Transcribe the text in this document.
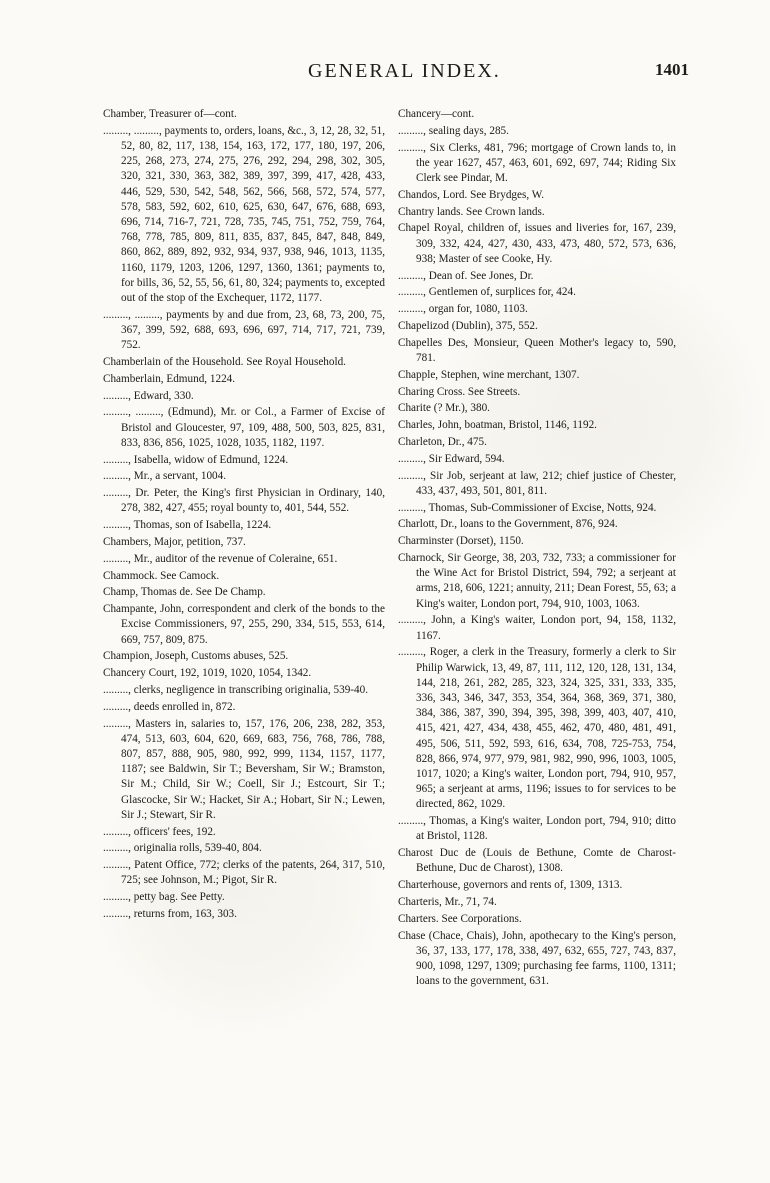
GENERAL INDEX.	1401

Chamber, Treasurer of—cont.

........., ........., payments to, orders, loans, &c., 3, 12, 28, 32, 51, 52, 80, 82, 117, 138, 154, 163, 172, 177, 180, 197, 206, 225, 268, 273, 274, 275, 276, 292, 294, 298, 302, 305, 320, 321, 330, 363, 382, 389, 397, 399, 417, 428, 433, 446, 529, 530, 542, 548, 562, 566, 568, 572, 574, 577, 578, 583, 592, 602, 610, 625, 630, 647, 676, 688, 693, 696, 714, 716-7, 721, 728, 735, 745, 751, 752, 759, 764, 768, 778, 785, 809, 811, 835, 837, 845, 847, 848, 849, 860, 862, 889, 892, 932, 934, 937, 938, 946, 1013, 1135, 1160, 1179, 1203, 1206, 1297, 1360, 1361; payments to, for bills, 36, 52, 55, 56, 61, 80, 324; payments to, excepted out of the stop of the Exchequer, 1172, 1177.

........., ........., payments by and due from, 23, 68, 73, 200, 75, 367, 399, 592, 688, 693, 696, 697, 714, 717, 721, 739, 752.

Chamberlain of the Household. See Royal Household.

Chamberlain, Edmund, 1224.

........., Edward, 330.

........., ........., (Edmund), Mr. or Col., a Farmer of Excise of Bristol and Gloucester, 97, 109, 488, 500, 503, 825, 831, 833, 836, 856, 1025, 1028, 1035, 1182, 1197.

........., Isabella, widow of Edmund, 1224.

........., Mr., a servant, 1004.

........., Dr. Peter, the King's first Physician in Ordinary, 140, 278, 382, 427, 455; royal bounty to, 401, 544, 552.

........., Thomas, son of Isabella, 1224.

Chambers, Major, petition, 737.

........., Mr., auditor of the revenue of Coleraine, 651.

Chammock. See Camock.

Champ, Thomas de. See De Champ.

Champante, John, correspondent and clerk of the bonds to the Excise Commissioners, 97, 255, 290, 334, 515, 553, 614, 669, 757, 809, 875.

Champion, Joseph, Customs abuses, 525.

Chancery Court, 192, 1019, 1020, 1054, 1342.

........., clerks, negligence in transcribing originalia, 539-40.

........., deeds enrolled in, 872.

........., Masters in, salaries to, 157, 176, 206, 238, 282, 353, 474, 513, 603, 604, 620, 669, 683, 756, 768, 786, 788, 807, 857, 888, 905, 980, 992, 999, 1134, 1157, 1177, 1187; see Baldwin, Sir T.; Beversham, Sir W.; Bramston, Sir M.; Child, Sir W.; Coell, Sir J.; Estcourt, Sir T.; Glascocke, Sir W.; Hacket, Sir A.; Hobart, Sir N.; Lewen, Sir J.; Stewart, Sir R.

........., officers' fees, 192.

........., originalia rolls, 539-40, 804.

........., Patent Office, 772; clerks of the patents, 264, 317, 510, 725; see Johnson, M.; Pigot, Sir R.

........., petty bag. See Petty.

........., returns from, 163, 303.

Chancery—cont.

........., sealing days, 285.

........., Six Clerks, 481, 796; mortgage of Crown lands to, in the year 1627, 457, 463, 601, 692, 697, 744; Riding Six Clerk see Pindar, M.

Chandos, Lord. See Brydges, W.

Chantry lands. See Crown lands.

Chapel Royal, children of, issues and liveries for, 167, 239, 309, 332, 424, 427, 430, 433, 473, 480, 572, 573, 636, 938; Master of see Cooke, Hy.

........., Dean of. See Jones, Dr.

........., Gentlemen of, surplices for, 424.

........., organ for, 1080, 1103.

Chapelizod (Dublin), 375, 552.

Chapelles Des, Monsieur, Queen Mother's legacy to, 590, 781.

Chapple, Stephen, wine merchant, 1307.

Charing Cross. See Streets.

Charite (? Mr.), 380.

Charles, John, boatman, Bristol, 1146, 1192.

Charleton, Dr., 475.

........., Sir Edward, 594.

........., Sir Job, serjeant at law, 212; chief justice of Chester, 433, 437, 493, 501, 801, 811.

........., Thomas, Sub-Commissioner of Excise, Notts, 924.

Charlott, Dr., loans to the Government, 876, 924.

Charminster (Dorset), 1150.

Charnock, Sir George, 38, 203, 732, 733; a commissioner for the Wine Act for Bristol District, 594, 792; a serjeant at arms, 218, 606, 1221; annuity, 211; Dean Forest, 55, 63; a King's waiter, London port, 794, 910, 1003, 1063.

........., John, a King's waiter, London port, 94, 158, 1132, 1167.

........., Roger, a clerk in the Treasury, formerly a clerk to Sir Philip Warwick, 13, 49, 87, 111, 112, 120, 128, 131, 134, 144, 218, 261, 282, 285, 323, 324, 325, 331, 333, 335, 336, 343, 346, 347, 353, 354, 364, 368, 369, 371, 380, 384, 386, 387, 390, 394, 395, 398, 399, 403, 407, 410, 415, 421, 427, 434, 438, 455, 462, 470, 480, 481, 491, 495, 506, 511, 592, 593, 616, 634, 708, 725-753, 754, 828, 866, 974, 977, 979, 981, 982, 990, 996, 1003, 1005, 1017, 1020; a King's waiter, London port, 794, 910, 957, 965; a serjeant at arms, 1196; issues to for services to be directed, 862, 1029.

........., Thomas, a King's waiter, London port, 794, 910; ditto at Bristol, 1128.

Charost Duc de (Louis de Bethune, Comte de Charost-Bethune, Duc de Charost), 1308.

Charterhouse, governors and rents of, 1309, 1313.

Charteris, Mr., 71, 74.

Charters. See Corporations.

Chase (Chace, Chais), John, apothecary to the King's person, 36, 37, 133, 177, 178, 338, 497, 632, 655, 727, 743, 837, 900, 1098, 1297, 1309; purchasing fee farms, 1100, 1311; loans to the government, 631.
